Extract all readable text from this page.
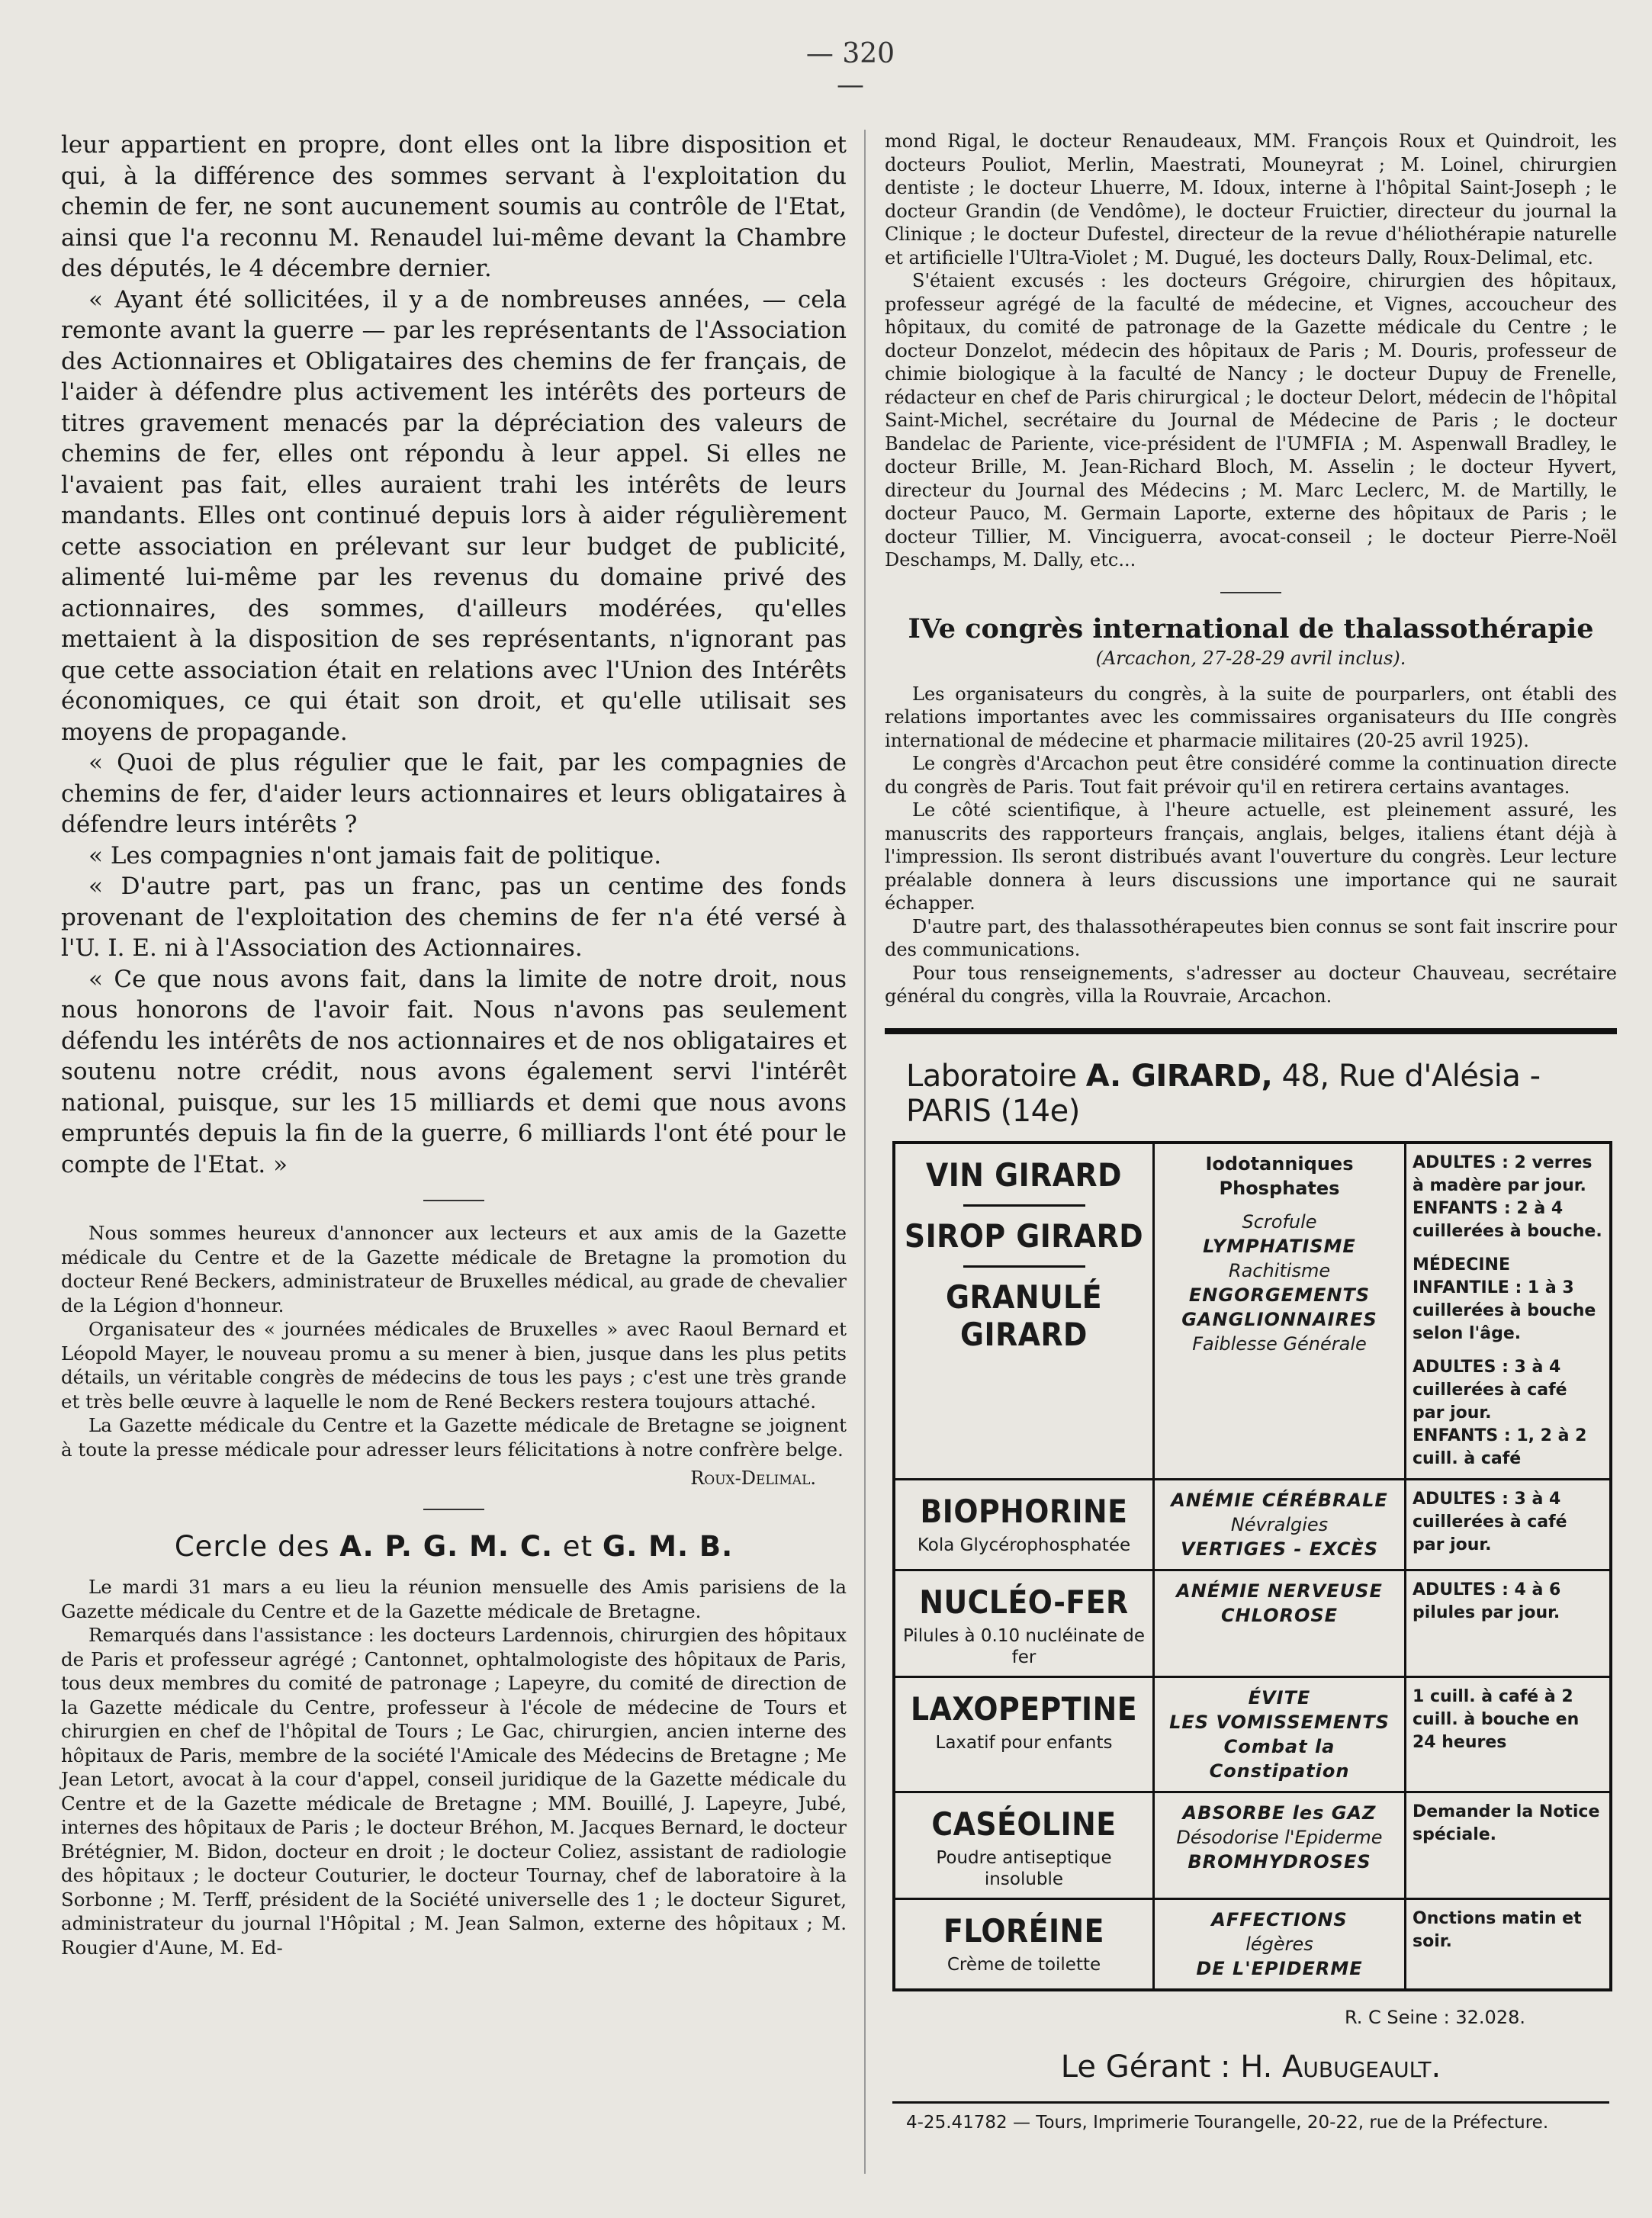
— 320 —

leur appartient en propre, dont elles ont la libre disposition et qui, à la différence des sommes servant à l'exploitation du chemin de fer, ne sont aucunement soumis au contrôle de l'Etat, ainsi que l'a reconnu M. Renaudel lui-même devant la Chambre des députés, le 4 décembre dernier.

« Ayant été sollicitées, il y a de nombreuses années, — cela remonte avant la guerre — par les représentants de l'Association des Actionnaires et Obligataires des chemins de fer français, de l'aider à défendre plus activement les intérêts des porteurs de titres gravement menacés par la dépréciation des valeurs de chemins de fer, elles ont répondu à leur appel. Si elles ne l'avaient pas fait, elles auraient trahi les intérêts de leurs mandants. Elles ont continué depuis lors à aider régulièrement cette association en prélevant sur leur budget de publicité, alimenté lui-même par les revenus du domaine privé des actionnaires, des sommes, d'ailleurs modérées, qu'elles mettaient à la disposition de ses représentants, n'ignorant pas que cette association était en relations avec l'Union des Intérêts économiques, ce qui était son droit, et qu'elle utilisait ses moyens de propagande.

« Quoi de plus régulier que le fait, par les compagnies de chemins de fer, d'aider leurs actionnaires et leurs obligataires à défendre leurs intérêts ?

« Les compagnies n'ont jamais fait de politique.

« D'autre part, pas un franc, pas un centime des fonds provenant de l'exploitation des chemins de fer n'a été versé à l'U. I. E. ni à l'Association des Actionnaires.

« Ce que nous avons fait, dans la limite de notre droit, nous nous honorons de l'avoir fait. Nous n'avons pas seulement défendu les intérêts de nos actionnaires et de nos obligataires et soutenu notre crédit, nous avons également servi l'intérêt national, puisque, sur les 15 milliards et demi que nous avons empruntés depuis la fin de la guerre, 6 milliards l'ont été pour le compte de l'Etat. »

Nous sommes heureux d'annoncer aux lecteurs et aux amis de la Gazette médicale du Centre et de la Gazette médicale de Bretagne la promotion du docteur René Beckers, administrateur de Bruxelles médical, au grade de chevalier de la Légion d'honneur.

Organisateur des « journées médicales de Bruxelles » avec Raoul Bernard et Léopold Mayer, le nouveau promu a su mener à bien, jusque dans les plus petits détails, un véritable congrès de médecins de tous les pays ; c'est une très grande et très belle œuvre à laquelle le nom de René Beckers restera toujours attaché.

La Gazette médicale du Centre et la Gazette médicale de Bretagne se joignent à toute la presse médicale pour adresser leurs félicitations à notre confrère belge.

Roux-Delimal.
Cercle des A. P. G. M. C. et G. M. B.

Le mardi 31 mars a eu lieu la réunion mensuelle des Amis parisiens de la Gazette médicale du Centre et de la Gazette médicale de Bretagne.

Remarqués dans l'assistance : les docteurs Lardennois, chirurgien des hôpitaux de Paris et professeur agrégé ; Cantonnet, ophtalmologiste des hôpitaux de Paris, tous deux membres du comité de patronage ; Lapeyre, du comité de direction de la Gazette médicale du Centre, professeur à l'école de médecine de Tours et chirurgien en chef de l'hôpital de Tours ; Le Gac, chirurgien, ancien interne des hôpitaux de Paris, membre de la société l'Amicale des Médecins de Bretagne ; Me Jean Letort, avocat à la cour d'appel, conseil juridique de la Gazette médicale du Centre et de la Gazette médicale de Bretagne ; MM. Bouillé, J. Lapeyre, Jubé, internes des hôpitaux de Paris ; le docteur Bréhon, M. Jacques Bernard, le docteur Brétégnier, M. Bidon, docteur en droit ; le docteur Coliez, assistant de radiologie des hôpitaux ; le docteur Couturier, le docteur Tournay, chef de laboratoire à la Sorbonne ; M. Terff, président de la Société universelle des 1 ; le docteur Siguret, administrateur du journal l'Hôpital ; M. Jean Salmon, externe des hôpitaux ; M. Rougier d'Aune, M. Ed-

mond Rigal, le docteur Renaudeaux, MM. François Roux et Quindroit, les docteurs Pouliot, Merlin, Maestrati, Mouneyrat ; M. Loinel, chirurgien dentiste ; le docteur Lhuerre, M. Idoux, interne à l'hôpital Saint-Joseph ; le docteur Grandin (de Vendôme), le docteur Fruictier, directeur du journal la Clinique ; le docteur Dufestel, directeur de la revue d'héliothérapie naturelle et artificielle l'Ultra-Violet ; M. Dugué, les docteurs Dally, Roux-Delimal, etc.

S'étaient excusés : les docteurs Grégoire, chirurgien des hôpitaux, professeur agrégé de la faculté de médecine, et Vignes, accoucheur des hôpitaux, du comité de patronage de la Gazette médicale du Centre ; le docteur Donzelot, médecin des hôpitaux de Paris ; M. Douris, professeur de chimie biologique à la faculté de Nancy ; le docteur Dupuy de Frenelle, rédacteur en chef de Paris chirurgical ; le docteur Delort, médecin de l'hôpital Saint-Michel, secrétaire du Journal de Médecine de Paris ; le docteur Bandelac de Pariente, vice-président de l'UMFIA ; M. Aspenwall Bradley, le docteur Brille, M. Jean-Richard Bloch, M. Asselin ; le docteur Hyvert, directeur du Journal des Médecins ; M. Marc Leclerc, M. de Martilly, le docteur Pauco, M. Germain Laporte, externe des hôpitaux de Paris ; le docteur Tillier, M. Vinciguerra, avocat-conseil ; le docteur Pierre-Noël Deschamps, M. Dally, etc...

IVe congrès international de thalassothérapie
(Arcachon, 27-28-29 avril inclus).

Les organisateurs du congrès, à la suite de pourparlers, ont établi des relations importantes avec les commissaires organisateurs du IIIe congrès international de médecine et pharmacie militaires (20-25 avril 1925).

Le congrès d'Arcachon peut être considéré comme la continuation directe du congrès de Paris. Tout fait prévoir qu'il en retirera certains avantages.

Le côté scientifique, à l'heure actuelle, est pleinement assuré, les manuscrits des rapporteurs français, anglais, belges, italiens étant déjà à l'impression. Ils seront distribués avant l'ouverture du congrès. Leur lecture préalable donnera à leurs discussions une importance qui ne saurait échapper.

D'autre part, des thalassothérapeutes bien connus se sont fait inscrire pour des communications.

Pour tous renseignements, s'adresser au docteur Chauveau, secrétaire général du congrès, villa la Rouvraie, Arcachon.

Laboratoire A. GIRARD, 48, Rue d'Alésia - PARIS (14e)
VIN GIRARD
SIROP GIRARD
GRANULÉ GIRARD
Iodotanniques
Phosphates
Scrofule
LYMPHATISME
Rachitisme
ENGORGEMENTS
GANGLIONNAIRES
Faiblesse Générale
ADULTES : 2 verres à madère par jour.
ENFANTS : 2 à 4 cuillerées à bouche.
MÉDECINE INFANTILE : 1 à 3 cuillerées à bouche selon l'âge.
ADULTES : 3 à 4 cuillerées à café par jour.
ENFANTS : 1, 2 à 2 cuill. à café
BIOPHORINE
Kola Glycérophosphatée
ANÉMIE CÉRÉBRALE
Névralgies
VERTIGES - EXCÈS
ADULTES : 3 à 4 cuillerées à café par jour.
NUCLÉO-FER
Pilules à 0.10 nucléinate de fer
ANÉMIE NERVEUSE
CHLOROSE
ADULTES : 4 à 6 pilules par jour.
LAXOPEPTINE
Laxatif pour enfants
ÉVITE
LES VOMISSEMENTS
Combat la Constipation
1 cuill. à café à 2 cuill. à bouche en 24 heures
CASÉOLINE
Poudre antiseptique insoluble
ABSORBE les GAZ
Désodorise l'Epiderme
BROMHYDROSES
Demander la Notice spéciale.
FLORÉINE
Crème de toilette
AFFECTIONS
légères
DE L'EPIDERME
Onctions matin et soir.
R. C Seine : 32.028.
Le Gérant : H. Aubugeault.
4-25.41782 — Tours, Imprimerie Tourangelle, 20-22, rue de la Préfecture.
